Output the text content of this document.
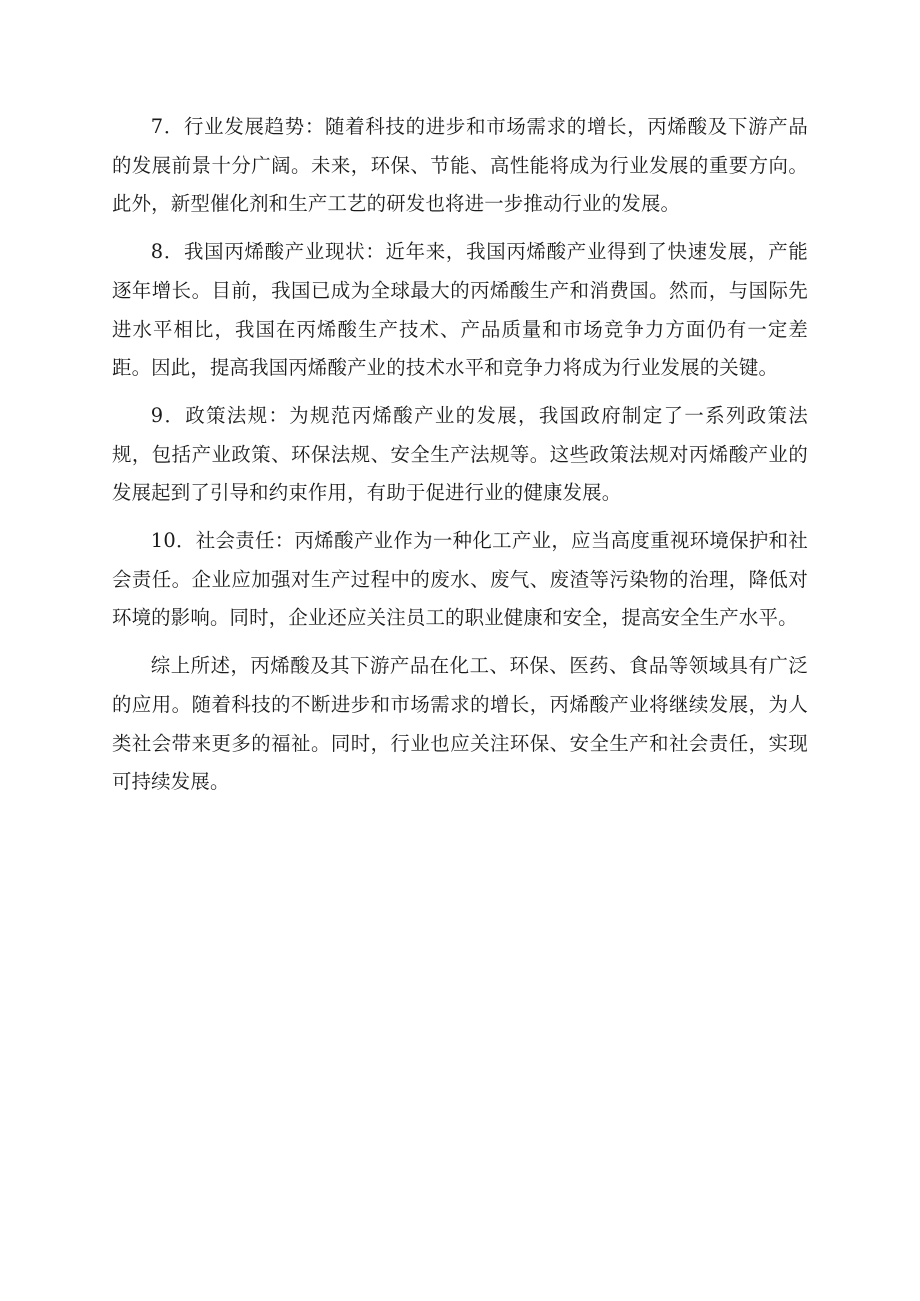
7．行业发展趋势：随着科技的进步和市场需求的增长，丙烯酸及下游产品的发展前景十分广阔。未来，环保、节能、高性能将成为行业发展的重要方向。此外，新型催化剂和生产工艺的研发也将进一步推动行业的发展。

8．我国丙烯酸产业现状：近年来，我国丙烯酸产业得到了快速发展，产能逐年增长。目前，我国已成为全球最大的丙烯酸生产和消费国。然而，与国际先进水平相比，我国在丙烯酸生产技术、产品质量和市场竞争力方面仍有一定差距。因此，提高我国丙烯酸产业的技术水平和竞争力将成为行业发展的关键。

9．政策法规：为规范丙烯酸产业的发展，我国政府制定了一系列政策法规，包括产业政策、环保法规、安全生产法规等。这些政策法规对丙烯酸产业的发展起到了引导和约束作用，有助于促进行业的健康发展。

10．社会责任：丙烯酸产业作为一种化工产业，应当高度重视环境保护和社会责任。企业应加强对生产过程中的废水、废气、废渣等污染物的治理，降低对环境的影响。同时，企业还应关注员工的职业健康和安全，提高安全生产水平。

综上所述，丙烯酸及其下游产品在化工、环保、医药、食品等领域具有广泛的应用。随着科技的不断进步和市场需求的增长，丙烯酸产业将继续发展，为人类社会带来更多的福祉。同时，行业也应关注环保、安全生产和社会责任，实现可持续发展。
